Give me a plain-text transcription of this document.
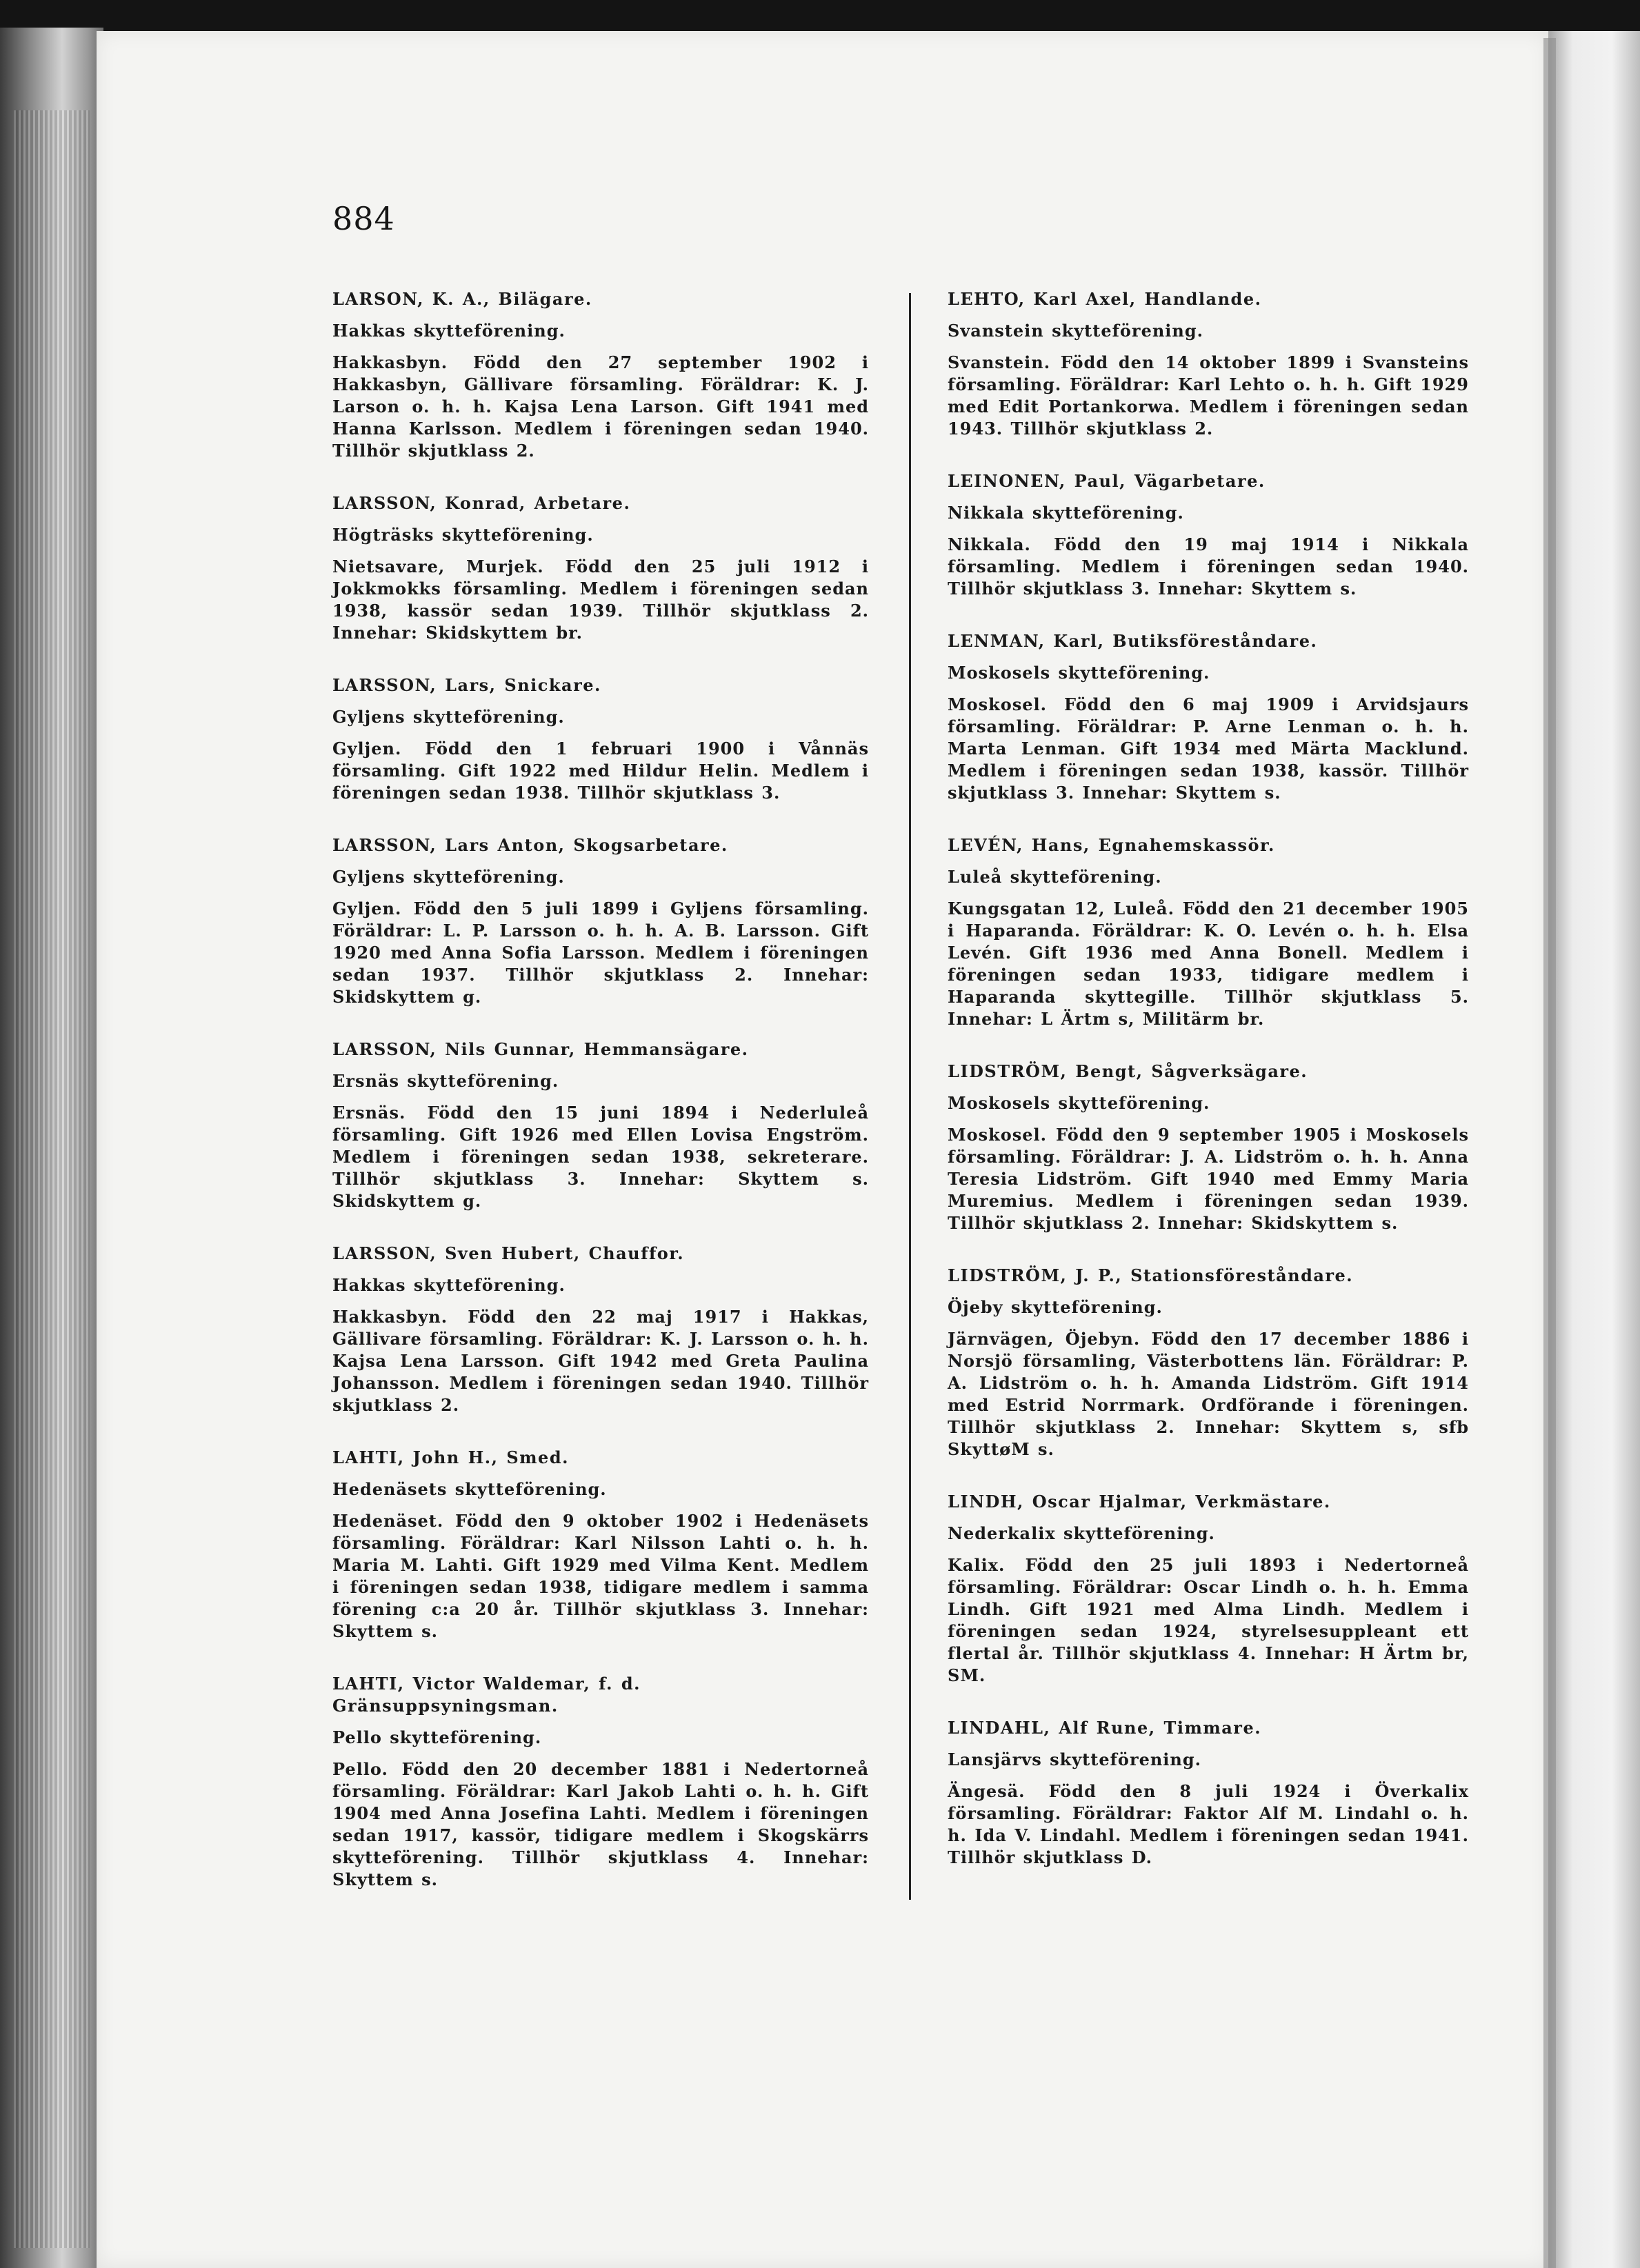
884
LARSON, K. A., Bilägare.
Hakkas skytteförening.
Hakkasbyn. Född den 27 september 1902 i Hakkasbyn, Gällivare församling. Föräldrar: K. J. Larson o. h. h. Kajsa Lena Larson. Gift 1941 med Hanna Karlsson. Medlem i föreningen sedan 1940. Tillhör skjutklass 2.
LARSSON, Konrad, Arbetare.
Högträsks skytteförening.
Nietsavare, Murjek. Född den 25 juli 1912 i Jokkmokks församling. Medlem i föreningen sedan 1938, kassör sedan 1939. Tillhör skjutklass 2. Innehar: Skidskyttem br.
LARSSON, Lars, Snickare.
Gyljens skytteförening.
Gyljen. Född den 1 februari 1900 i Vånnäs församling. Gift 1922 med Hildur Helin. Medlem i föreningen sedan 1938. Tillhör skjutklass 3.
LARSSON, Lars Anton, Skogsarbetare.
Gyljens skytteförening.
Gyljen. Född den 5 juli 1899 i Gyljens församling. Föräldrar: L. P. Larsson o. h. h. A. B. Larsson. Gift 1920 med Anna Sofia Larsson. Medlem i föreningen sedan 1937. Tillhör skjutklass 2. Innehar: Skidskyttem g.
LARSSON, Nils Gunnar, Hemmansägare.
Ersnäs skytteförening.
Ersnäs. Född den 15 juni 1894 i Nederluleå församling. Gift 1926 med Ellen Lovisa Engström. Medlem i föreningen sedan 1938, sekreterare. Tillhör skjutklass 3. Innehar: Skyttem s. Skidskyttem g.
LARSSON, Sven Hubert, Chauffor.
Hakkas skytteförening.
Hakkasbyn. Född den 22 maj 1917 i Hakkas, Gällivare församling. Föräldrar: K. J. Larsson o. h. h. Kajsa Lena Larsson. Gift 1942 med Greta Paulina Johansson. Medlem i föreningen sedan 1940. Tillhör skjutklass 2.
LAHTI, John H., Smed.
Hedenäsets skytteförening.
Hedenäset. Född den 9 oktober 1902 i Hedenäsets församling. Föräldrar: Karl Nilsson Lahti o. h. h. Maria M. Lahti. Gift 1929 med Vilma Kent. Medlem i föreningen sedan 1938, tidigare medlem i samma förening c:a 20 år. Tillhör skjutklass 3. Innehar: Skyttem s.
LAHTI, Victor Waldemar, f. d. Gränsuppsyningsman.
Pello skytteförening.
Pello. Född den 20 december 1881 i Nedertorneå församling. Föräldrar: Karl Jakob Lahti o. h. h. Gift 1904 med Anna Josefina Lahti. Medlem i föreningen sedan 1917, kassör, tidigare medlem i Skogskärrs skytteförening. Tillhör skjutklass 4. Innehar: Skyttem s.
LEHTO, Karl Axel, Handlande.
Svanstein skytteförening.
Svanstein. Född den 14 oktober 1899 i Svansteins församling. Föräldrar: Karl Lehto o. h. h. Gift 1929 med Edit Portankorwa. Medlem i föreningen sedan 1943. Tillhör skjutklass 2.
LEINONEN, Paul, Vägarbetare.
Nikkala skytteförening.
Nikkala. Född den 19 maj 1914 i Nikkala församling. Medlem i föreningen sedan 1940. Tillhör skjutklass 3. Innehar: Skyttem s.
LENMAN, Karl, Butiksföreståndare.
Moskosels skytteförening.
Moskosel. Född den 6 maj 1909 i Arvidsjaurs församling. Föräldrar: P. Arne Lenman o. h. h. Marta Lenman. Gift 1934 med Märta Macklund. Medlem i föreningen sedan 1938, kassör. Tillhör skjutklass 3. Innehar: Skyttem s.
LEVÉN, Hans, Egnahemskassör.
Luleå skytteförening.
Kungsgatan 12, Luleå. Född den 21 december 1905 i Haparanda. Föräldrar: K. O. Levén o. h. h. Elsa Levén. Gift 1936 med Anna Bonell. Medlem i föreningen sedan 1933, tidigare medlem i Haparanda skyttegille. Tillhör skjutklass 5. Innehar: L Ärtm s, Militärm br.
LIDSTRÖM, Bengt, Sågverksägare.
Moskosels skytteförening.
Moskosel. Född den 9 september 1905 i Moskosels församling. Föräldrar: J. A. Lidström o. h. h. Anna Teresia Lidström. Gift 1940 med Emmy Maria Muremius. Medlem i föreningen sedan 1939. Tillhör skjutklass 2. Innehar: Skidskyttem s.
LIDSTRÖM, J. P., Stationsföreståndare.
Öjeby skytteförening.
Järnvägen, Öjebyn. Född den 17 december 1886 i Norsjö församling, Västerbottens län. Föräldrar: P. A. Lidström o. h. h. Amanda Lidström. Gift 1914 med Estrid Norrmark. Ordförande i föreningen. Tillhör skjutklass 2. Innehar: Skyttem s, sfb SkyttøM s.
LINDH, Oscar Hjalmar, Verkmästare.
Nederkalix skytteförening.
Kalix. Född den 25 juli 1893 i Nedertorneå församling. Föräldrar: Oscar Lindh o. h. h. Emma Lindh. Gift 1921 med Alma Lindh. Medlem i föreningen sedan 1924, styrelsesuppleant ett flertal år. Tillhör skjutklass 4. Innehar: H Ärtm br, SM.
LINDAHL, Alf Rune, Timmare.
Lansjärvs skytteförening.
Ängesä. Född den 8 juli 1924 i Överkalix församling. Föräldrar: Faktor Alf M. Lindahl o. h. h. Ida V. Lindahl. Medlem i föreningen sedan 1941. Tillhör skjutklass D.
